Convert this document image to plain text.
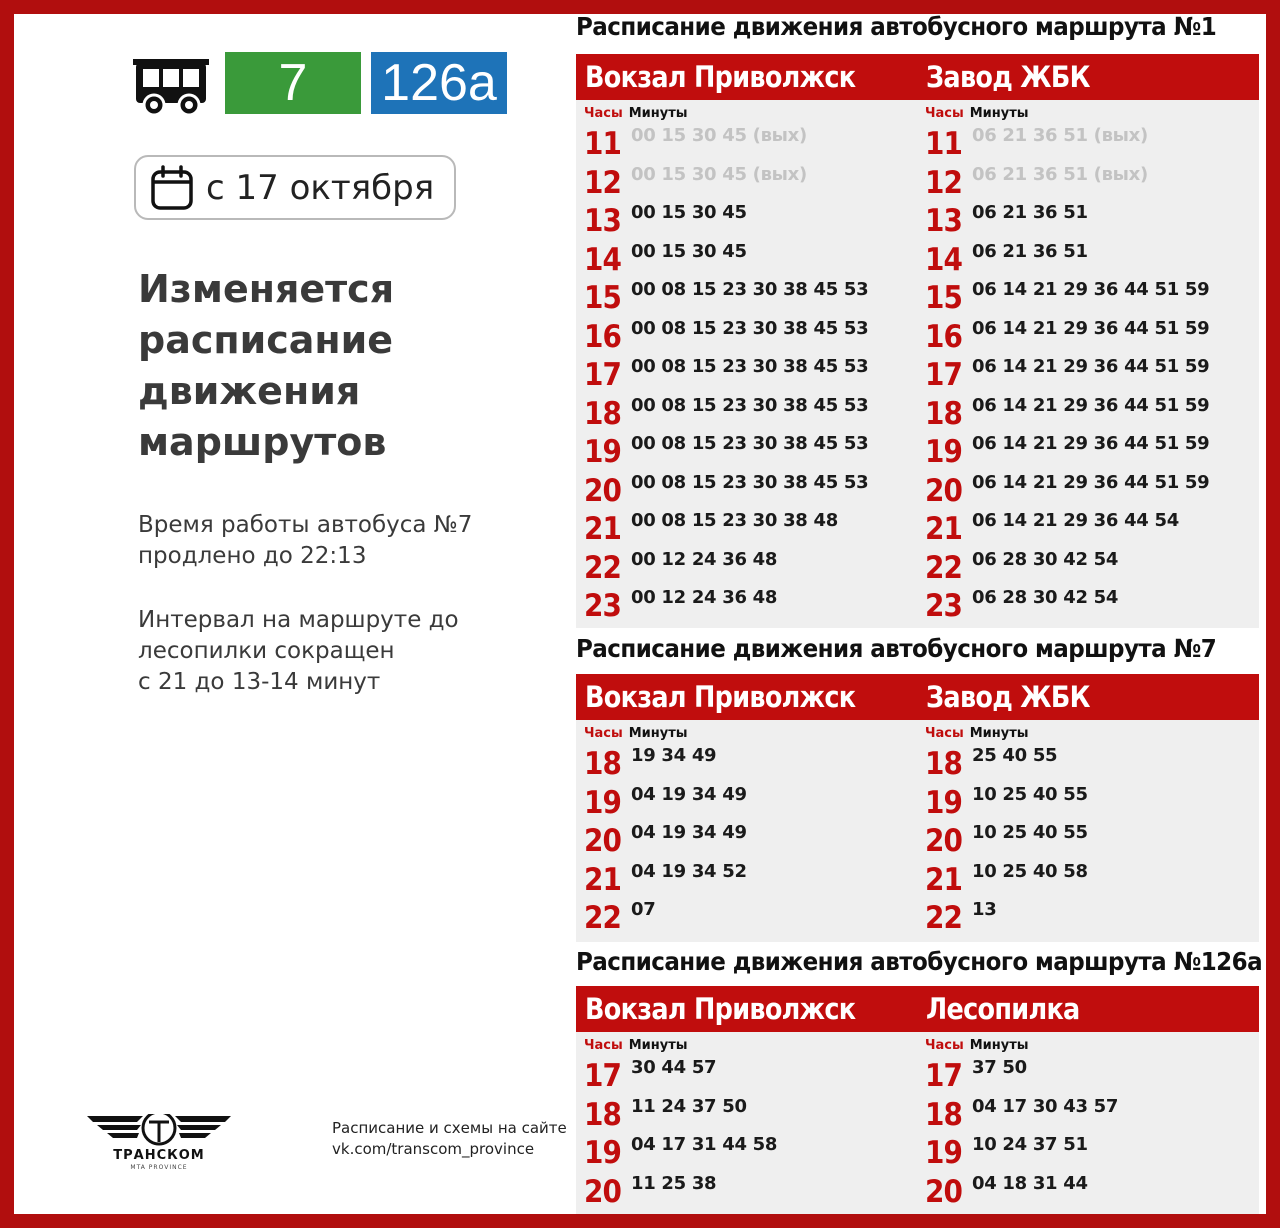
7	126а
с 17 октября
Изменяется
расписание
движения
маршрутов
Время работы автобуса №7
продлено до 22:13
Интервал на маршруте до
лесопилки сокращен
с 21 до 13-14 минут
ТРАНСКОМ
MTA PROVINCE
Расписание и схемы на сайте
vk.com/transcom_province
Расписание движения автобусного маршрута №1
Вокзал Приволжск Завод ЖБК
Часы Минуты
11 00 15 30 45 (вых)
12 00 15 30 45 (вых)
13 00 15 30 45
14 00 15 30 45
15 00 08 15 23 30 38 45 53
16 00 08 15 23 30 38 45 53
17 00 08 15 23 30 38 45 53
18 00 08 15 23 30 38 45 53
19 00 08 15 23 30 38 45 53
20 00 08 15 23 30 38 45 53
21 00 08 15 23 30 38 48
22 00 12 24 36 48
23 00 12 24 36 48
Часы Минуты
11 06 21 36 51 (вых)
12 06 21 36 51 (вых)
13 06 21 36 51
14 06 21 36 51
15 06 14 21 29 36 44 51 59
16 06 14 21 29 36 44 51 59
17 06 14 21 29 36 44 51 59
18 06 14 21 29 36 44 51 59
19 06 14 21 29 36 44 51 59
20 06 14 21 29 36 44 51 59
21 06 14 21 29 36 44 54
22 06 28 30 42 54
23 06 28 30 42 54
Расписание движения автобусного маршрута №7
Вокзал Приволжск Завод ЖБК
Часы Минуты
18 19 34 49
19 04 19 34 49
20 04 19 34 49
21 04 19 34 52
22 07
Часы Минуты
18 25 40 55
19 10 25 40 55
20 10 25 40 55
21 10 25 40 58
22 13
Расписание движения автобусного маршрута №126а
Вокзал Приволжск Лесопилка
Часы Минуты
17 30 44 57
18 11 24 37 50
19 04 17 31 44 58
20 11 25 38
Часы Минуты
17 37 50
18 04 17 30 43 57
19 10 24 37 51
20 04 18 31 44
